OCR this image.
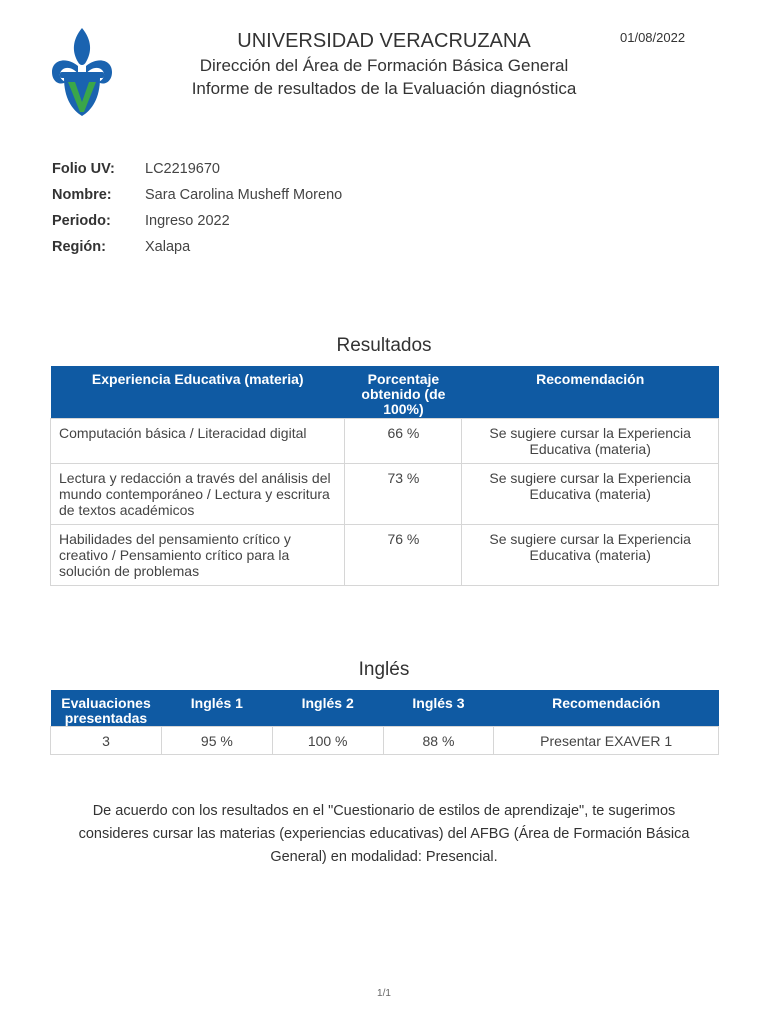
UNIVERSIDAD VERACRUZANA
Dirección del Área de Formación Básica General
Informe de resultados de la Evaluación diagnóstica
01/08/2022
Folio UV:	LC2219670
Nombre:	Sara Carolina Musheff Moreno
Periodo:	Ingreso 2022
Región:	Xalapa
Resultados
Experiencia Educativa (materia)	Porcentaje obtenido (de 100%)	Recomendación
Computación básica / Literacidad digital	66 %	Se sugiere cursar la Experiencia Educativa (materia)
Lectura y redacción a través del análisis del mundo contemporáneo / Lectura y escritura de textos académicos	73 %	Se sugiere cursar la Experiencia Educativa (materia)
Habilidades del pensamiento crítico y creativo / Pensamiento crítico para la solución de problemas	76 %	Se sugiere cursar la Experiencia Educativa (materia)
Inglés
Evaluaciones presentadas	Inglés 1	Inglés 2	Inglés 3	Recomendación
3	95 %	100 %	88 %	Presentar EXAVER 1
De acuerdo con los resultados en el "Cuestionario de estilos de aprendizaje", te sugerimos consideres cursar las materias (experiencias educativas) del AFBG (Área de Formación Básica General) en modalidad: Presencial.
1/1
